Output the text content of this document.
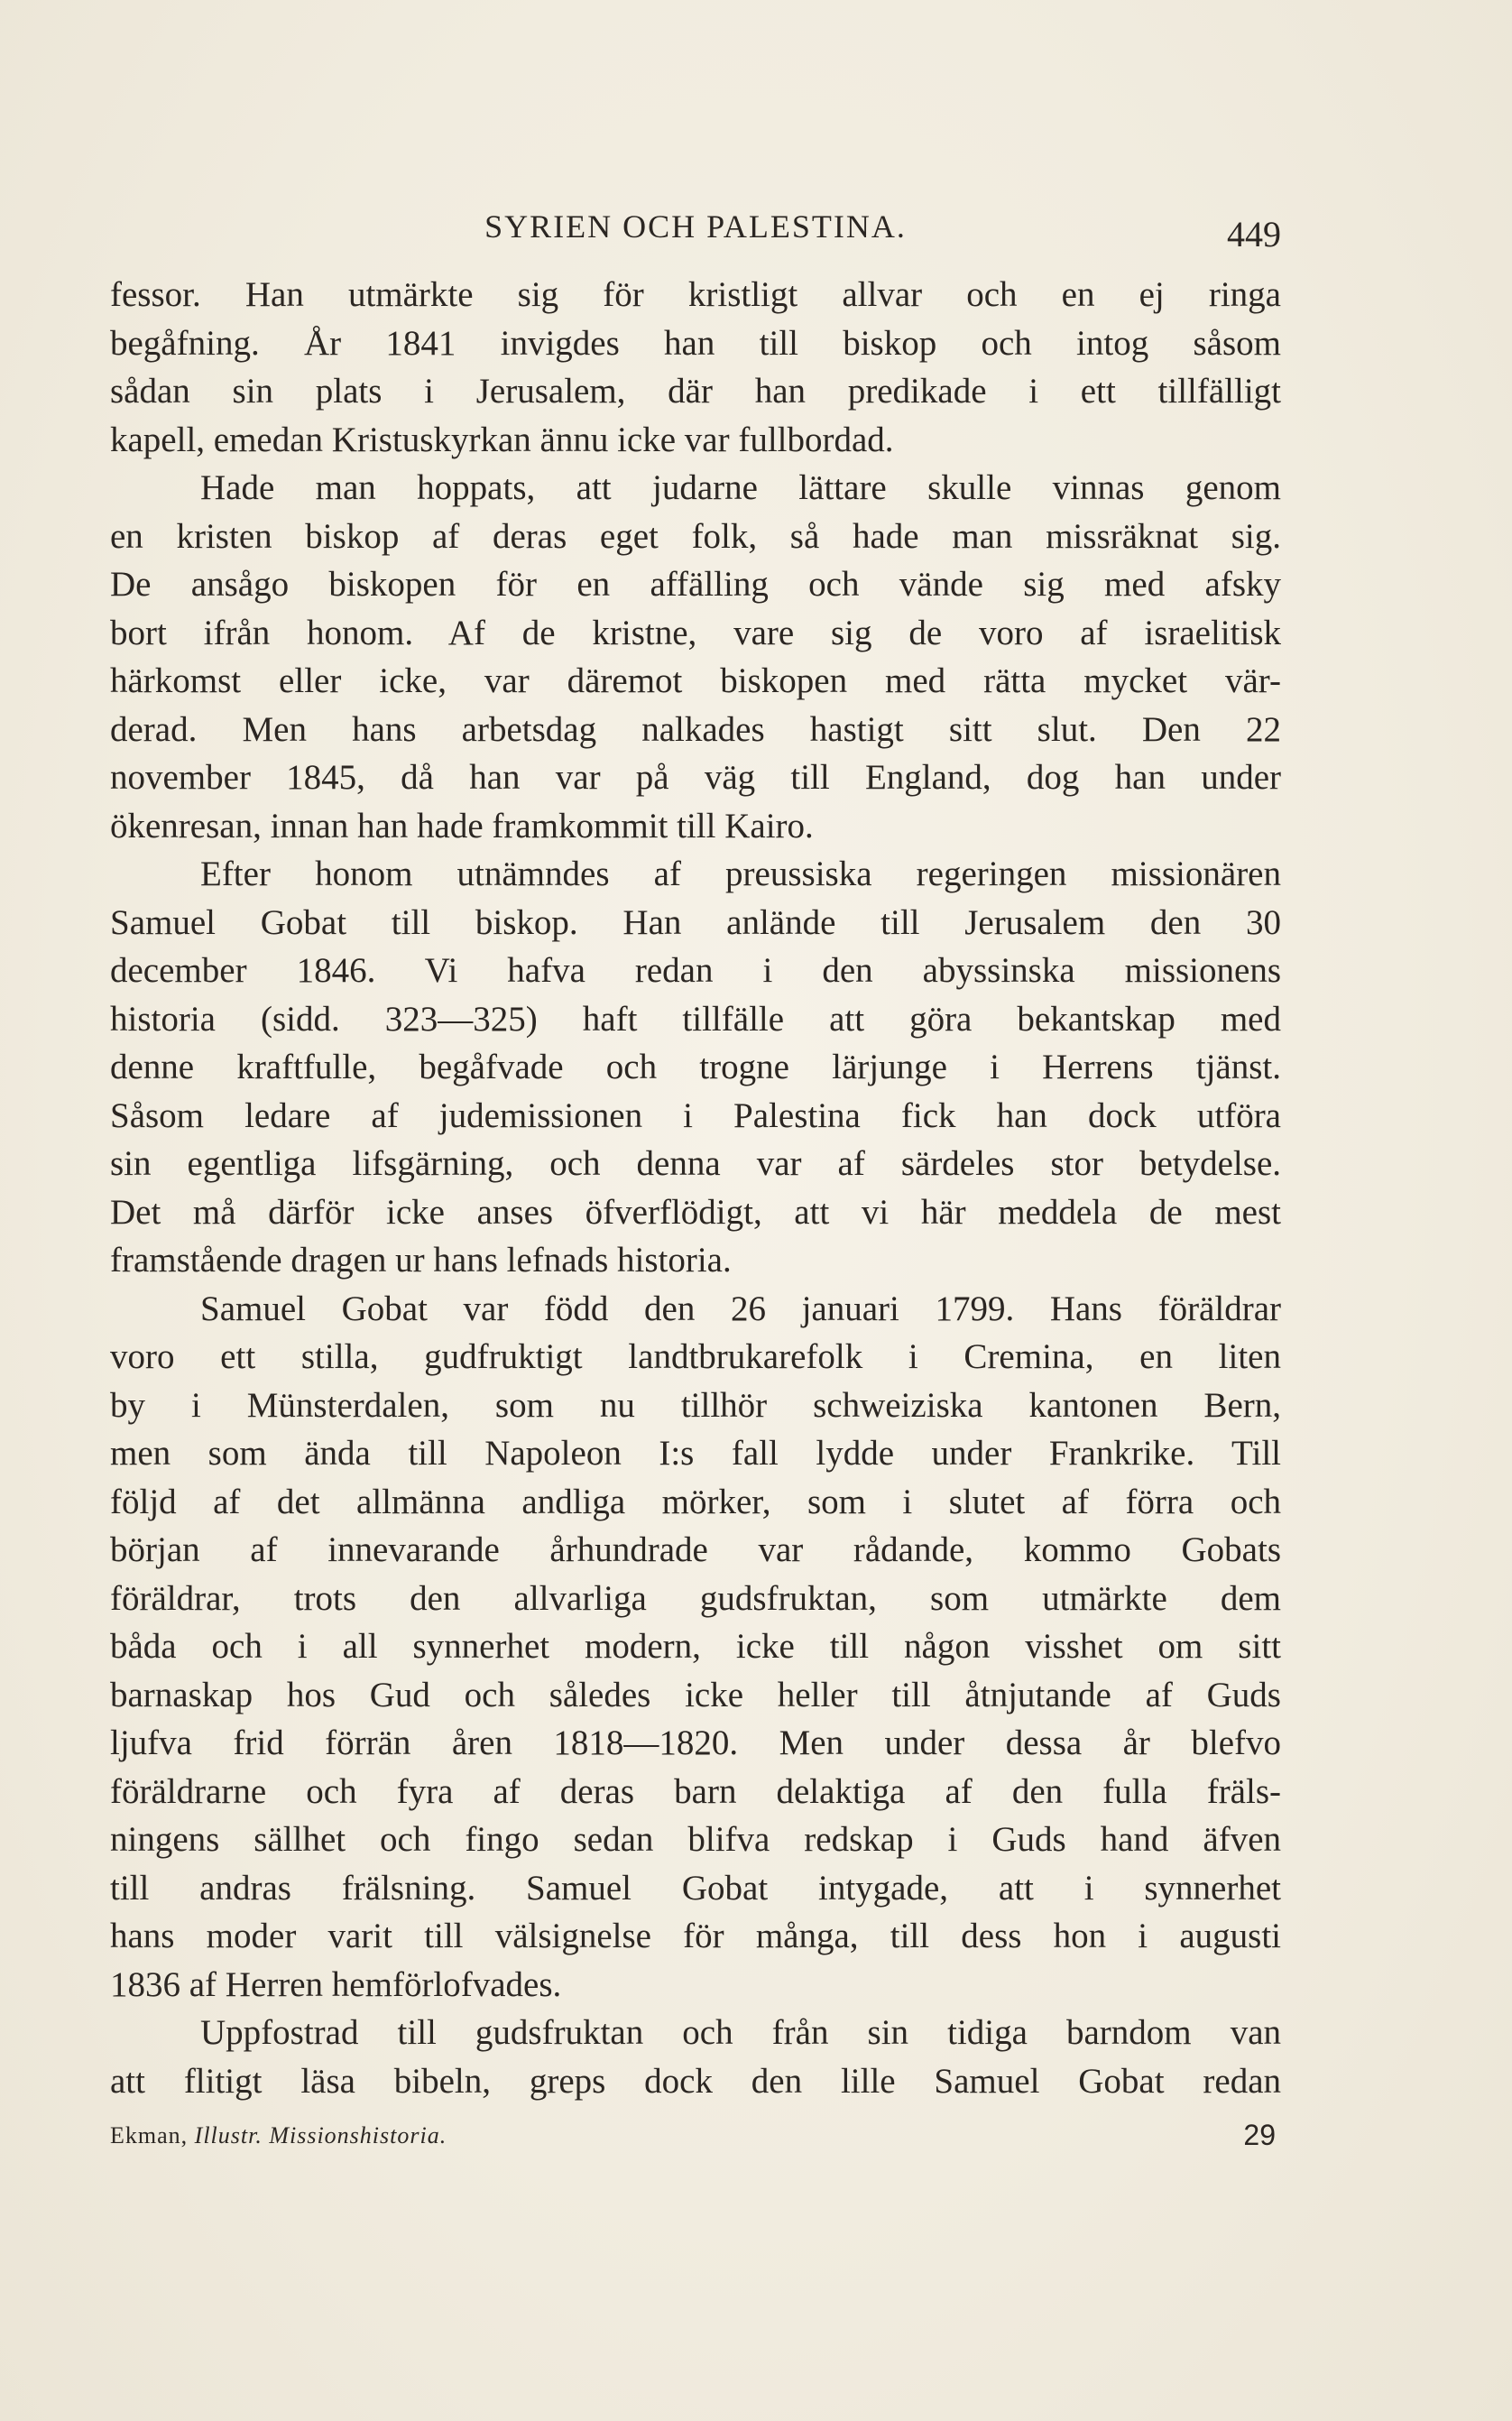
SYRIEN OCH PALESTINA.	449
fessor. Han utmärkte sig för kristligt allvar och en ej ringa
begåfning. År 1841 invigdes han till biskop och intog såsom
sådan sin plats i Jerusalem, där han predikade i ett tillfälligt
kapell, emedan Kristuskyrkan ännu icke var fullbordad.
Hade man hoppats, att judarne lättare skulle vinnas genom
en kristen biskop af deras eget folk, så hade man missräknat sig.
De ansågo biskopen för en affälling och vände sig med afsky
bort ifrån honom. Af de kristne, vare sig de voro af israelitisk
härkomst eller icke, var däremot biskopen med rätta mycket vär-
derad. Men hans arbetsdag nalkades hastigt sitt slut. Den 22
november 1845, då han var på väg till England, dog han under
ökenresan, innan han hade framkommit till Kairo.
Efter honom utnämndes af preussiska regeringen missionären
Samuel Gobat till biskop. Han anlände till Jerusalem den 30
december 1846. Vi hafva redan i den abyssinska missionens
historia (sidd. 323—325) haft tillfälle att göra bekantskap med
denne kraftfulle, begåfvade och trogne lärjunge i Herrens tjänst.
Såsom ledare af judemissionen i Palestina fick han dock utföra
sin egentliga lifsgärning, och denna var af särdeles stor betydelse.
Det må därför icke anses öfverflödigt, att vi här meddela de mest
framstående dragen ur hans lefnads historia.
Samuel Gobat var född den 26 januari 1799. Hans föräldrar
voro ett stilla, gudfruktigt landtbrukarefolk i Cremina, en liten
by i Münsterdalen, som nu tillhör schweiziska kantonen Bern,
men som ända till Napoleon I:s fall lydde under Frankrike. Till
följd af det allmänna andliga mörker, som i slutet af förra och
början af innevarande århundrade var rådande, kommo Gobats
föräldrar, trots den allvarliga gudsfruktan, som utmärkte dem
båda och i all synnerhet modern, icke till någon visshet om sitt
barnaskap hos Gud och således icke heller till åtnjutande af Guds
ljufva frid förrän åren 1818—1820. Men under dessa år blefvo
föräldrarne och fyra af deras barn delaktiga af den fulla fräls-
ningens sällhet och fingo sedan blifva redskap i Guds hand äfven
till andras frälsning. Samuel Gobat intygade, att i synnerhet
hans moder varit till välsignelse för många, till dess hon i augusti
1836 af Herren hemförlofvades.
Uppfostrad till gudsfruktan och från sin tidiga barndom van
att flitigt läsa bibeln, greps dock den lille Samuel Gobat redan
Ekman, Illustr. Missionshistoria.	29
